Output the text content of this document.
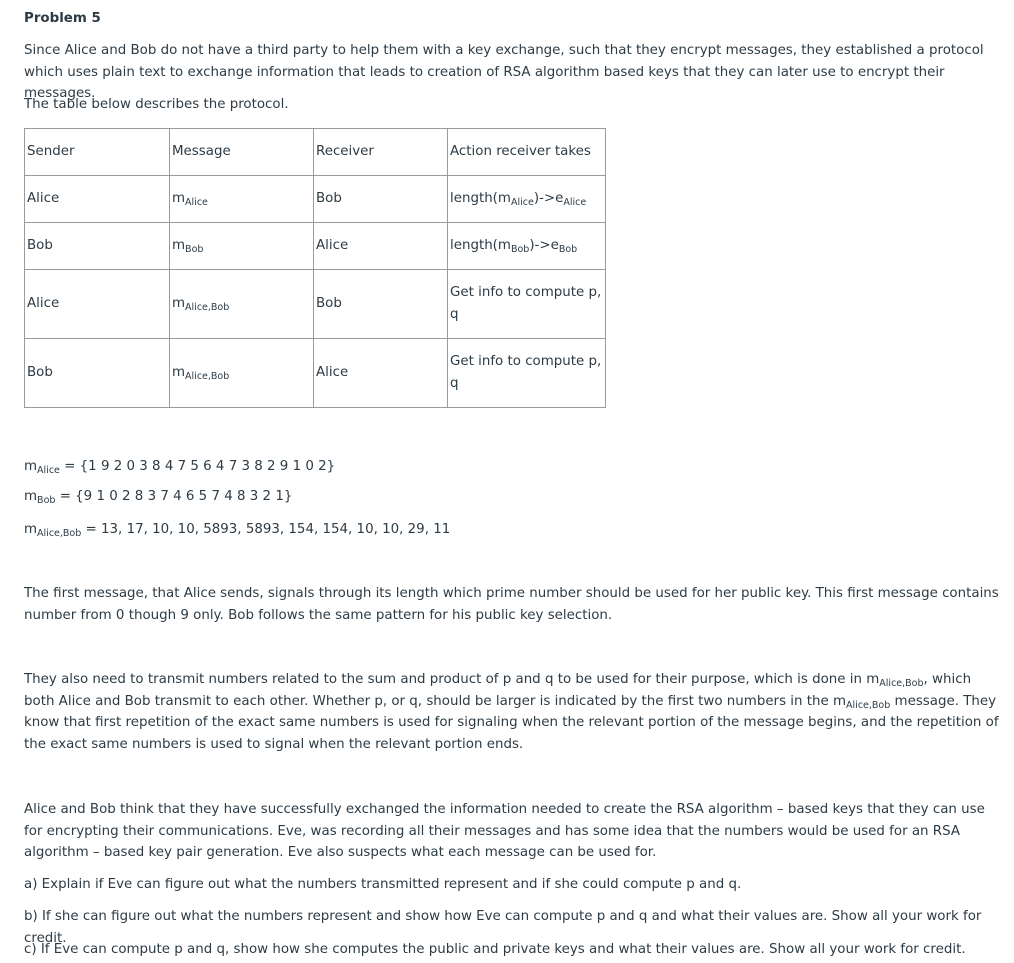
Problem 5

Since Alice and Bob do not have a third party to help them with a key exchange, such that they encrypt messages, they established a protocol which uses plain text to exchange information that leads to creation of RSA algorithm based keys that they can later use to encrypt their messages.

The table below describes the protocol.

Sender	Message	Receiver	Action receiver takes
Alice	$m_{Alice}$	Bob	$length(m_{Alice})->e_{Alice}$
Bob	$m_{Bob}$	Alice	$length(m_{Bob})->e_{Bob}$
Alice	$m_{Alice,Bob}$	Bob	Get info to compute p, q
Bob	$m_{Alice,Bob}$	Alice	Get info to compute p, q

$m_{Alice} = \{1$ 9 2 0 3 8 4 7 5 6 4 7 3 8 2 9 1 0 2}

$m_{Bob} = \{9$ 1 0 2 8 3 7 4 6 5 7 4 8 3 2 1}

$m_{Alice,Bob} = 13$, 17, 10, 10, 5893, 5893, 154, 154, 10, 10, 29, 11

The first message, that Alice sends, signals through its length which prime number should be used for her public key. This first message contains number from 0 though 9 only. Bob follows the same pattern for his public key selection.

They also need to transmit numbers related to the sum and product of p and q to be used for their purpose, which is done in $m_{Alice,Bob}$, which both Alice and Bob transmit to each other. Whether p, or q, should be larger is indicated by the first two numbers in the $m_{Alice,Bob}$ message. They know that first repetition of the exact same numbers is used for signaling when the relevant portion of the message begins, and the repetition of the exact same numbers is used to signal when the relevant portion ends.

Alice and Bob think that they have successfully exchanged the information needed to create the RSA algorithm – based keys that they can use for encrypting their communications. Eve, was recording all their messages and has some idea that the numbers would be used for an RSA algorithm – based key pair generation. Eve also suspects what each message can be used for.

a) Explain if Eve can figure out what the numbers transmitted represent and if she could compute p and q.

b) If she can figure out what the numbers represent and show how Eve can compute p and q and what their values are. Show all your work for credit.

c) If Eve can compute p and q, show how she computes the public and private keys and what their values are. Show all your work for credit.
